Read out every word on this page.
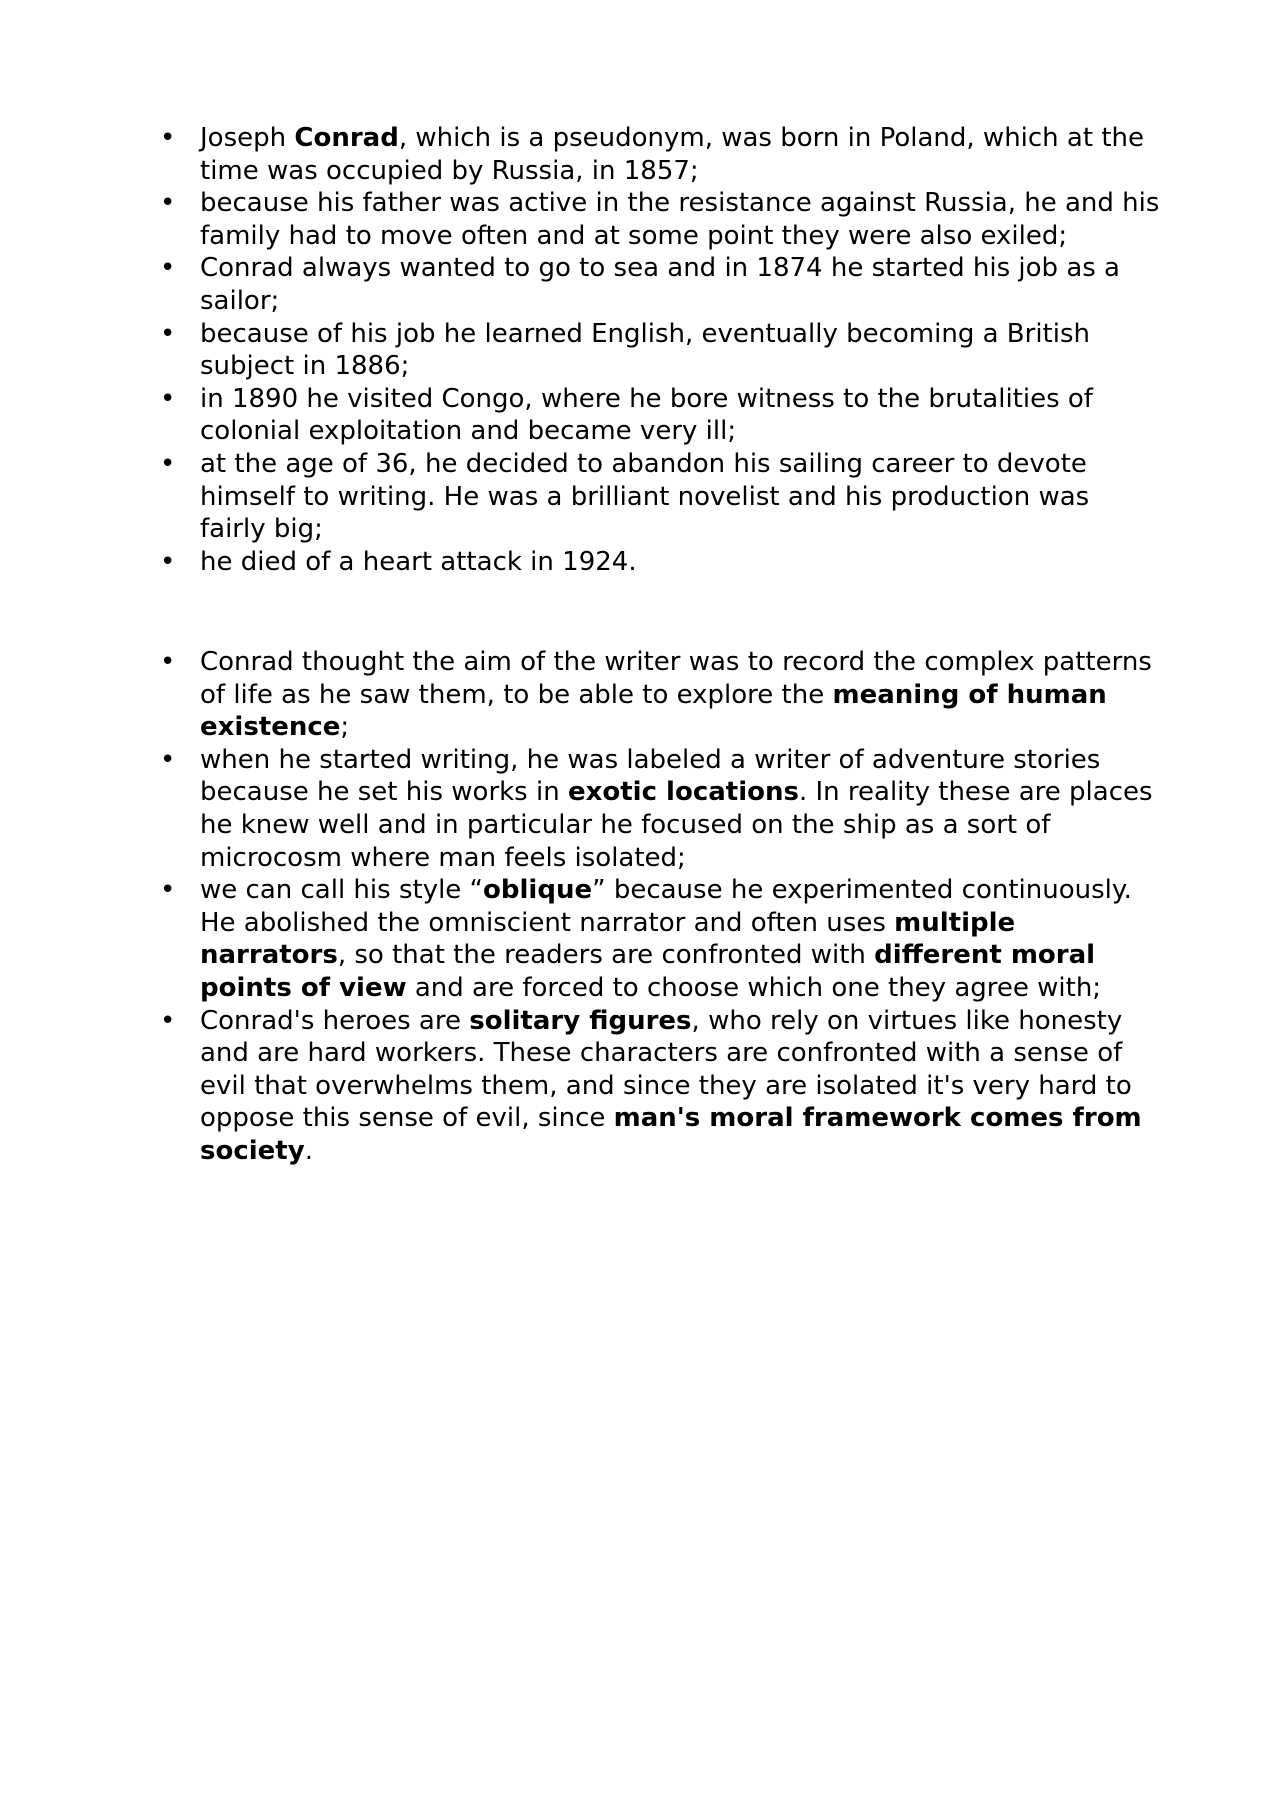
• Joseph Conrad, which is a pseudonym, was born in Poland, which at the time was occupied by Russia, in 1857;
• because his father was active in the resistance against Russia, he and his family had to move often and at some point they were also exiled;
• Conrad always wanted to go to sea and in 1874 he started his job as a sailor;
• because of his job he learned English, eventually becoming a British subject in 1886;
• in 1890 he visited Congo, where he bore witness to the brutalities of colonial exploitation and became very ill;
• at the age of 36, he decided to abandon his sailing career to devote himself to writing. He was a brilliant novelist and his production was fairly big;
• he died of a heart attack in 1924.
• Conrad thought the aim of the writer was to record the complex patterns of life as he saw them, to be able to explore the meaning of human existence;
• when he started writing, he was labeled a writer of adventure stories because he set his works in exotic locations. In reality these are places he knew well and in particular he focused on the ship as a sort of microcosm where man feels isolated;
• we can call his style “oblique” because he experimented continuously. He abolished the omniscient narrator and often uses multiple narrators, so that the readers are confronted with different moral points of view and are forced to choose which one they agree with;
• Conrad's heroes are solitary figures, who rely on virtues like honesty and are hard workers. These characters are confronted with a sense of evil that overwhelms them, and since they are isolated it's very hard to oppose this sense of evil, since man's moral framework comes from society.
